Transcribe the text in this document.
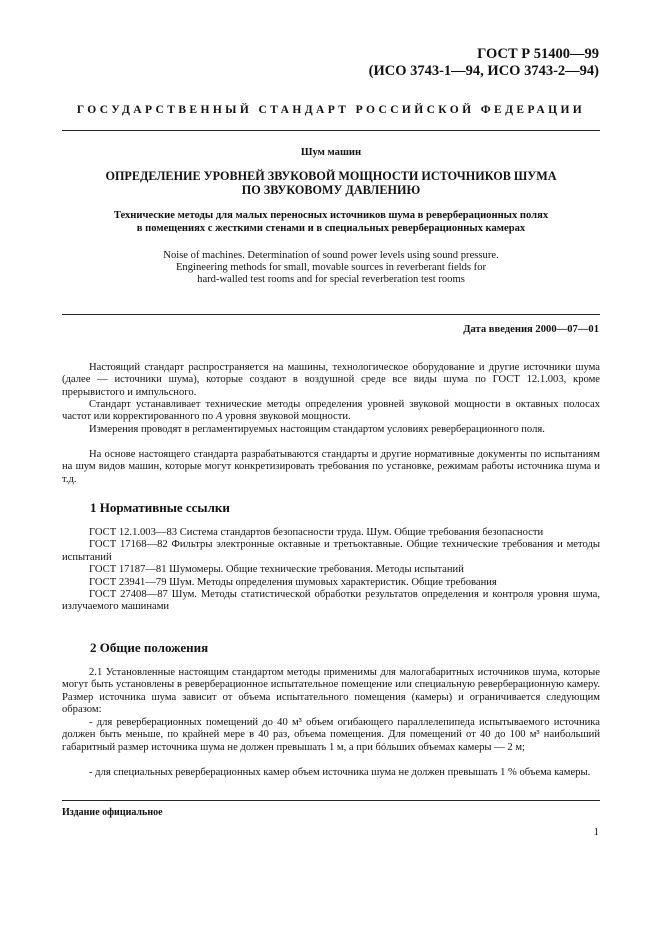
ГОСТ Р 51400—99
(ИСО 3743-1—94, ИСО 3743-2—94)
ГОСУДАРСТВЕННЫЙ СТАНДАРТ РОССИЙСКОЙ ФЕДЕРАЦИИ
Шум машин
ОПРЕДЕЛЕНИЕ УРОВНЕЙ ЗВУКОВОЙ МОЩНОСТИ ИСТОЧНИКОВ ШУМА
ПО ЗВУКОВОМУ ДАВЛЕНИЮ
Технические методы для малых переносных источников шума в реверберационных полях
в помещениях с жесткими стенами и в специальных реверберационных камерах
Noise of machines. Determination of sound power levels using sound pressure.
Engineering methods for small, movable sources in reverberant fields for
hard-walled test rooms and for special reverberation test rooms
Дата введения 2000—07—01
Настоящий стандарт распространяется на машины, технологическое оборудование и другие источники шума (далее — источники шума), которые создают в воздушной среде все виды шума по ГОСТ 12.1.003, кроме прерывистого и импульсного.
Стандарт устанавливает технические методы определения уровней звуковой мощности в октавных полосах частот или корректированного по А уровня звуковой мощности.
Измерения проводят в регламентируемых настоящим стандартом условиях реверберационного поля.
На основе настоящего стандарта разрабатываются стандарты и другие нормативные документы по испытаниям на шум видов машин, которые могут конкретизировать требования по установке, режимам работы источника шума и т.д.
1 Нормативные ссылки
ГОСТ 12.1.003—83 Система стандартов безопасности труда. Шум. Общие требования безопасности
ГОСТ 17168—82 Фильтры электронные октавные и третьоктавные. Общие технические требования и методы испытаний
ГОСТ 17187—81 Шумомеры. Общие технические требования. Методы испытаний
ГОСТ 23941—79 Шум. Методы определения шумовых характеристик. Общие требования
ГОСТ 27408—87 Шум. Методы статистической обработки результатов определения и контроля уровня шума, излучаемого машинами
2 Общие положения
2.1 Установленные настоящим стандартом методы применимы для малогабаритных источников шума, которые могут быть установлены в реверберационное испытательное помещение или специальную реверберационную камеру. Размер источника шума зависит от объема испытательного помещения (камеры) и ограничивается следующим образом:
- для реверберационных помещений до 40 м³ объем огибающего параллелепипеда испытываемого источника должен быть меньше, по крайней мере в 40 раз, объема помещения. Для помещений от 40 до 100 м³ наибольший габаритный размер источника шума не должен превышать 1 м, а при бóльших объемах камеры — 2 м;
- для специальных реверберационных камер объем источника шума не должен превышать 1 % объема камеры.
Издание официальное
1
